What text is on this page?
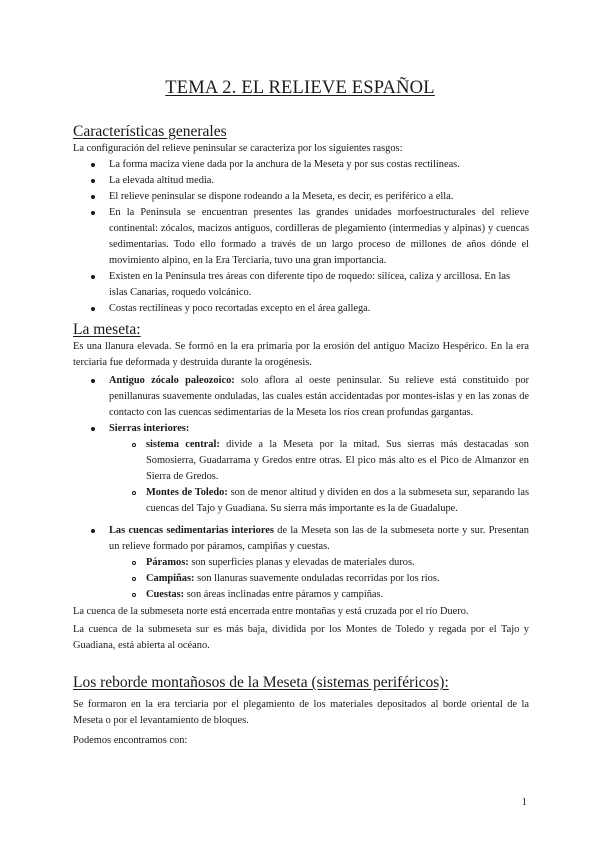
TEMA 2. EL RELIEVE ESPAÑOL
Características generales

La configuración del relieve peninsular se caracteriza por los siguientes rasgos:

La forma maciza viene dada por la anchura de la Meseta y por sus costas rectilíneas.

La elevada altitud media.

El relieve peninsular se dispone rodeando a la Meseta, es decir, es periférico a ella.

En la Península se encuentran presentes las grandes unidades morfoestructurales del relieve continental: zócalos, macizos antiguos, cordilleras de plegamiento (intermedias y alpinas) y cuencas sedimentarias. Todo ello formado a través de un largo proceso de millones de años dónde el movimiento alpino, en la Era Terciaria, tuvo una gran importancia.

Existen en la Península tres áreas con diferente tipo de roquedo: silícea, caliza y arcillosa. En las islas Canarias, roquedo volcánico.

Costas rectilíneas y poco recortadas excepto en el área gallega.

La meseta:

Es una llanura elevada. Se formó en la era primaria por la erosión del antiguo Macizo Hespérico. En la era terciaria fue deformada y destruida durante la orogénesis.

Antiguo zócalo paleozoico: solo aflora al oeste peninsular. Su relieve está constituido por penillanuras suavemente onduladas, las cuales están accidentadas por montes-islas y en las zonas de contacto con las cuencas sedimentarias de la Meseta los ríos crean profundas gargantas.

Sierras interiores:

sistema central: divide a la Meseta por la mitad. Sus sierras más destacadas son Somosierra, Guadarrama y Gredos entre otras. El pico más alto es el Pico de Almanzor en Sierra de Gredos.

Montes de Toledo: son de menor altitud y dividen en dos a la submeseta sur, separando las cuencas del Tajo y Guadiana. Su sierra más importante es la de Guadalupe.

Las cuencas sedimentarias interiores de la Meseta son las de la submeseta norte y sur. Presentan un relieve formado por páramos, campiñas y cuestas.

Páramos: son superficies planas y elevadas de materiales duros.

Campiñas: son llanuras suavemente onduladas recorridas por los ríos.

Cuestas: son áreas inclinadas entre páramos y campiñas.

La cuenca de la submeseta norte está encerrada entre montañas y está cruzada por el río Duero.

La cuenca de la submeseta sur es más baja, dividida por los Montes de Toledo y regada por el Tajo y Guadiana, está abierta al océano.

Los reborde montañosos de la Meseta (sistemas periféricos):

Se formaron en la era terciaria por el plegamiento de los materiales depositados al borde oriental de la Meseta o por el levantamiento de bloques.

Podemos encontramos con:

1
